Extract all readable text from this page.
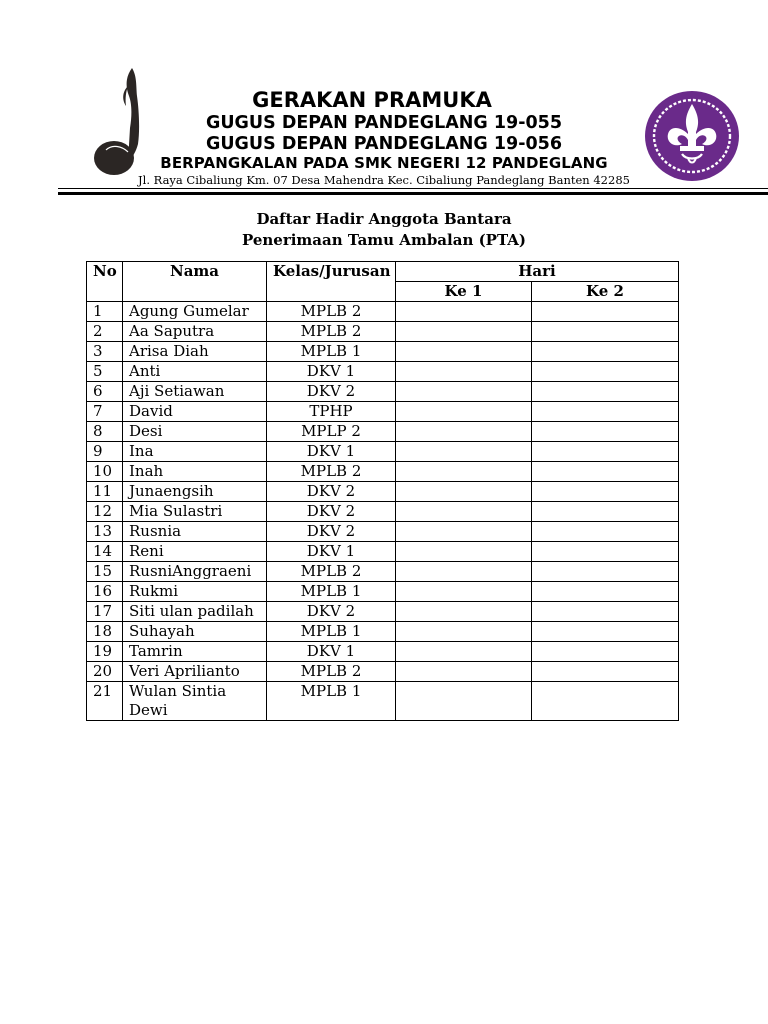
GERAKAN PRAMUKA
GUGUS DEPAN PANDEGLANG 19-055
GUGUS DEPAN PANDEGLANG 19-056
BERPANGKALAN PADA SMK NEGERI 12 PANDEGLANG
Jl. Raya Cibaliung Km. 07 Desa Mahendra Kec. Cibaliung Pandeglang Banten 42285
Daftar Hadir Anggota Bantara
Penerimaan Tamu Ambalan (PTA)
No	Nama	Kelas/Jurusan	Hari	
			Ke 1	Ke 2
1	Agung Gumelar	MPLB 2		
2	Aa Saputra	MPLB 2		
3	Arisa Diah	MPLB 1		
5	Anti	DKV 1		
6	Aji Setiawan	DKV 2		
7	David	TPHP		
8	Desi	MPLP 2		
9	Ina	DKV 1		
10	Inah	MPLB 2		
11	Junaengsih	DKV 2		
12	Mia Sulastri	DKV 2		
13	Rusnia	DKV 2		
14	Reni	DKV 1		
15	RusniAnggraeni	MPLB 2		
16	Rukmi	MPLB 1		
17	Siti ulan padilah	DKV 2		
18	Suhayah	MPLB 1		
19	Tamrin	DKV 1		
20	Veri Aprilianto	MPLB 2		
21	Wulan Sintia Dewi	MPLB 1		
